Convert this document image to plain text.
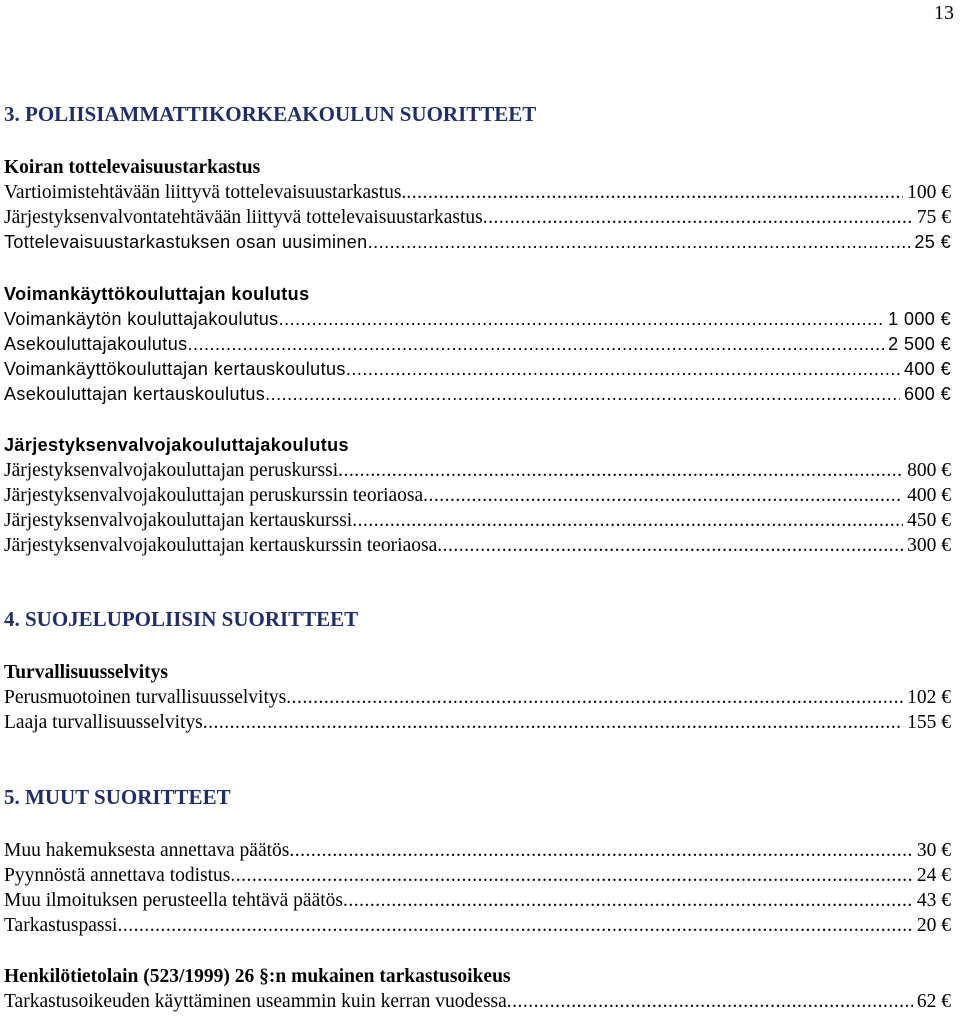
13
3. POLIISIAMMATTIKORKEAKOULUN SUORITTEET
Koiran tottelevaisuustarkastus
Vartioimistehtävään liittyvä tottelevaisuustarkastus. .....	100 €
Järjestyksenvalvontatehtävään liittyvä tottelevaisuustarkastus .....	75 €
Tottelevaisuustarkastuksen osan uusiminen .....	25 €
Voimankäyttökouluttajan koulutus
Voimankäytön kouluttajakoulutus .....	1 000 €
Asekouluttajakoulutus .....	2 500 €
Voimankäyttökouluttajan kertauskoulutus .....	400 €
Asekouluttajan kertauskoulutus .....	600 €
Järjestyksenvalvojakouluttajakoulutus
Järjestyksenvalvojakouluttajan peruskurssi .....	800 €
Järjestyksenvalvojakouluttajan peruskurssin teoriaosa .....	400 €
Järjestyksenvalvojakouluttajan kertauskurssi .....	450 €
Järjestyksenvalvojakouluttajan kertauskurssin teoriaosa .....	300 €
4. SUOJELUPOLIISIN SUORITTEET
Turvallisuusselvitys
Perusmuotoinen turvallisuusselvitys .....	102 €
Laaja turvallisuusselvitys .....	155 €
5. MUUT SUORITTEET
Muu hakemuksesta annettava päätös .....	30 €
Pyynnöstä annettava todistus .....	24 €
Muu ilmoituksen perusteella tehtävä päätös .....	43 €
Tarkastuspassi .....	20 €
Henkilötietolain (523/1999) 26 §:n mukainen tarkastusoikeus
Tarkastusoikeuden käyttäminen useammin kuin kerran vuodessa .....	62 €
